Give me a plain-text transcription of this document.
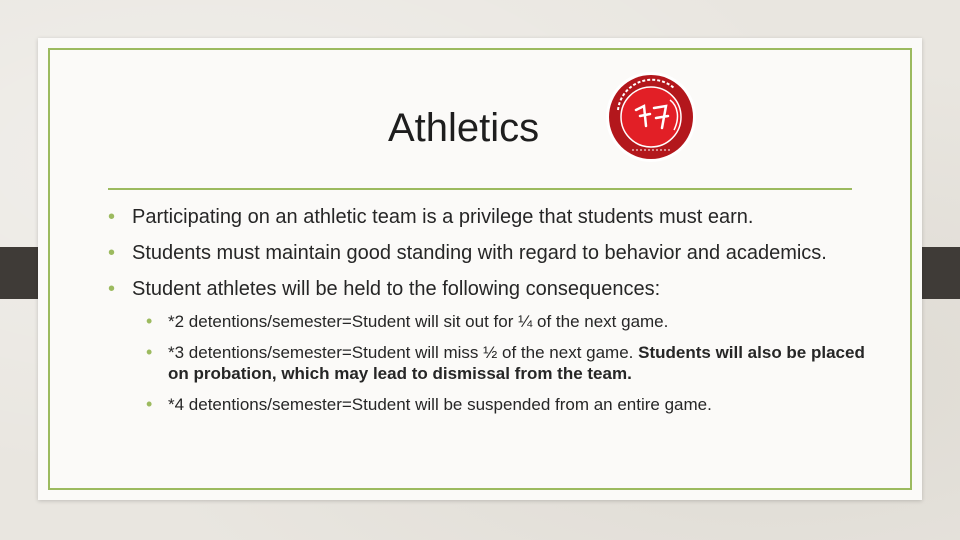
Athletics
• Participating on an athletic team is a privilege that students must earn.
• Students must maintain good standing with regard to behavior and academics.
• Student athletes will be held to the following consequences:
• *2 detentions/semester=Student will sit out for ¼ of the next game.
• *3 detentions/semester=Student will miss ½ of the next game. Students will also be placed on probation, which may lead to dismissal from the team.
• *4 detentions/semester=Student will be suspended from an entire game.
